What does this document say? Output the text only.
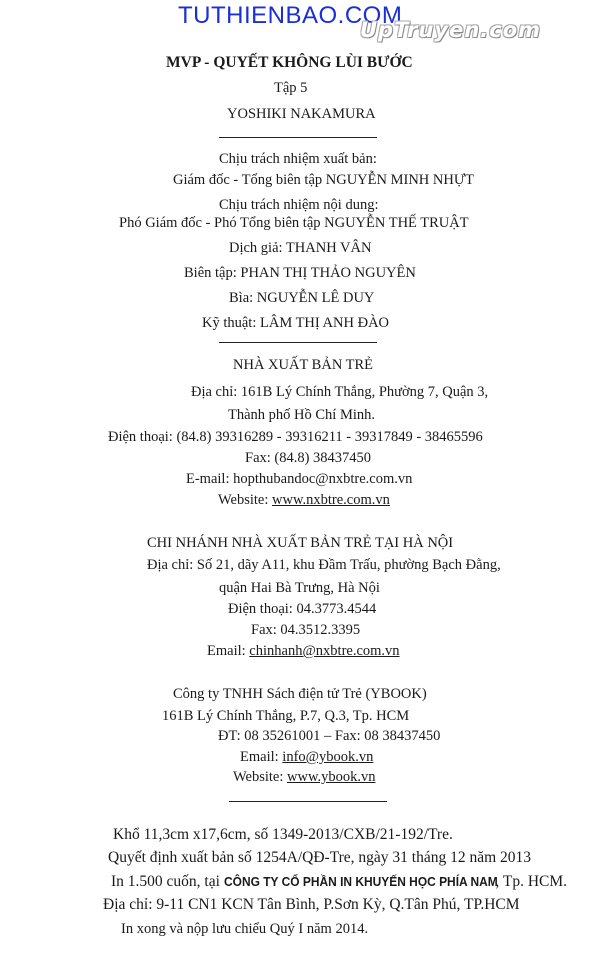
TUTHIENBAO.COM
UpTruyen.com
MVP - QUYẾT KHÔNG LÙI BƯỚC
Tập 5
YOSHIKI NAKAMURA
Chịu trách nhiệm xuất bản:
Giám đốc - Tổng biên tập NGUYỄN MINH NHỰT
Chịu trách nhiệm nội dung:
Phó Giám đốc - Phó Tổng biên tập NGUYỄN THẾ TRUẬT
Dịch giả: THANH VÂN
Biên tập: PHAN THỊ THẢO NGUYÊN
Bìa: NGUYỄN LÊ DUY
Kỹ thuật: LÂM THỊ ANH ĐÀO
NHÀ XUẤT BẢN TRẺ
Địa chỉ: 161B Lý Chính Thắng, Phường 7, Quận 3,
Thành phố Hồ Chí Minh.
Điện thoại: (84.8) 39316289 - 39316211 - 39317849 - 38465596
Fax: (84.8) 38437450
E-mail: hopthubandoc@nxbtre.com.vn
Website: www.nxbtre.com.vn
CHI NHÁNH NHÀ XUẤT BẢN TRẺ TẠI HÀ NỘI
Địa chỉ: Số 21, dãy A11, khu Đầm Trấu, phường Bạch Đằng,
quận Hai Bà Trưng, Hà Nội
Điện thoại: 04.3773.4544
Fax: 04.3512.3395
Email: chinhanh@nxbtre.com.vn
Công ty TNHH Sách điện tử Trẻ (YBOOK)
161B Lý Chính Thắng, P.7, Q.3, Tp. HCM
ĐT: 08 35261001 – Fax: 08 38437450
Email: info@ybook.vn
Website: www.ybook.vn
Khổ 11,3cm x17,6cm, số 1349-2013/CXB/21-192/Tre.
Quyết định xuất bản số 1254A/QĐ-Tre, ngày 31 tháng 12 năm 2013
In 1.500 cuốn, tại CÔNG TY CỔ PHẦN IN KHUYẾN HỌC PHÍA NAM, Tp. HCM.
Địa chỉ: 9-11 CN1 KCN Tân Bình, P.Sơn Kỳ, Q.Tân Phú, TP.HCM
In xong và nộp lưu chiểu Quý I năm 2014.
